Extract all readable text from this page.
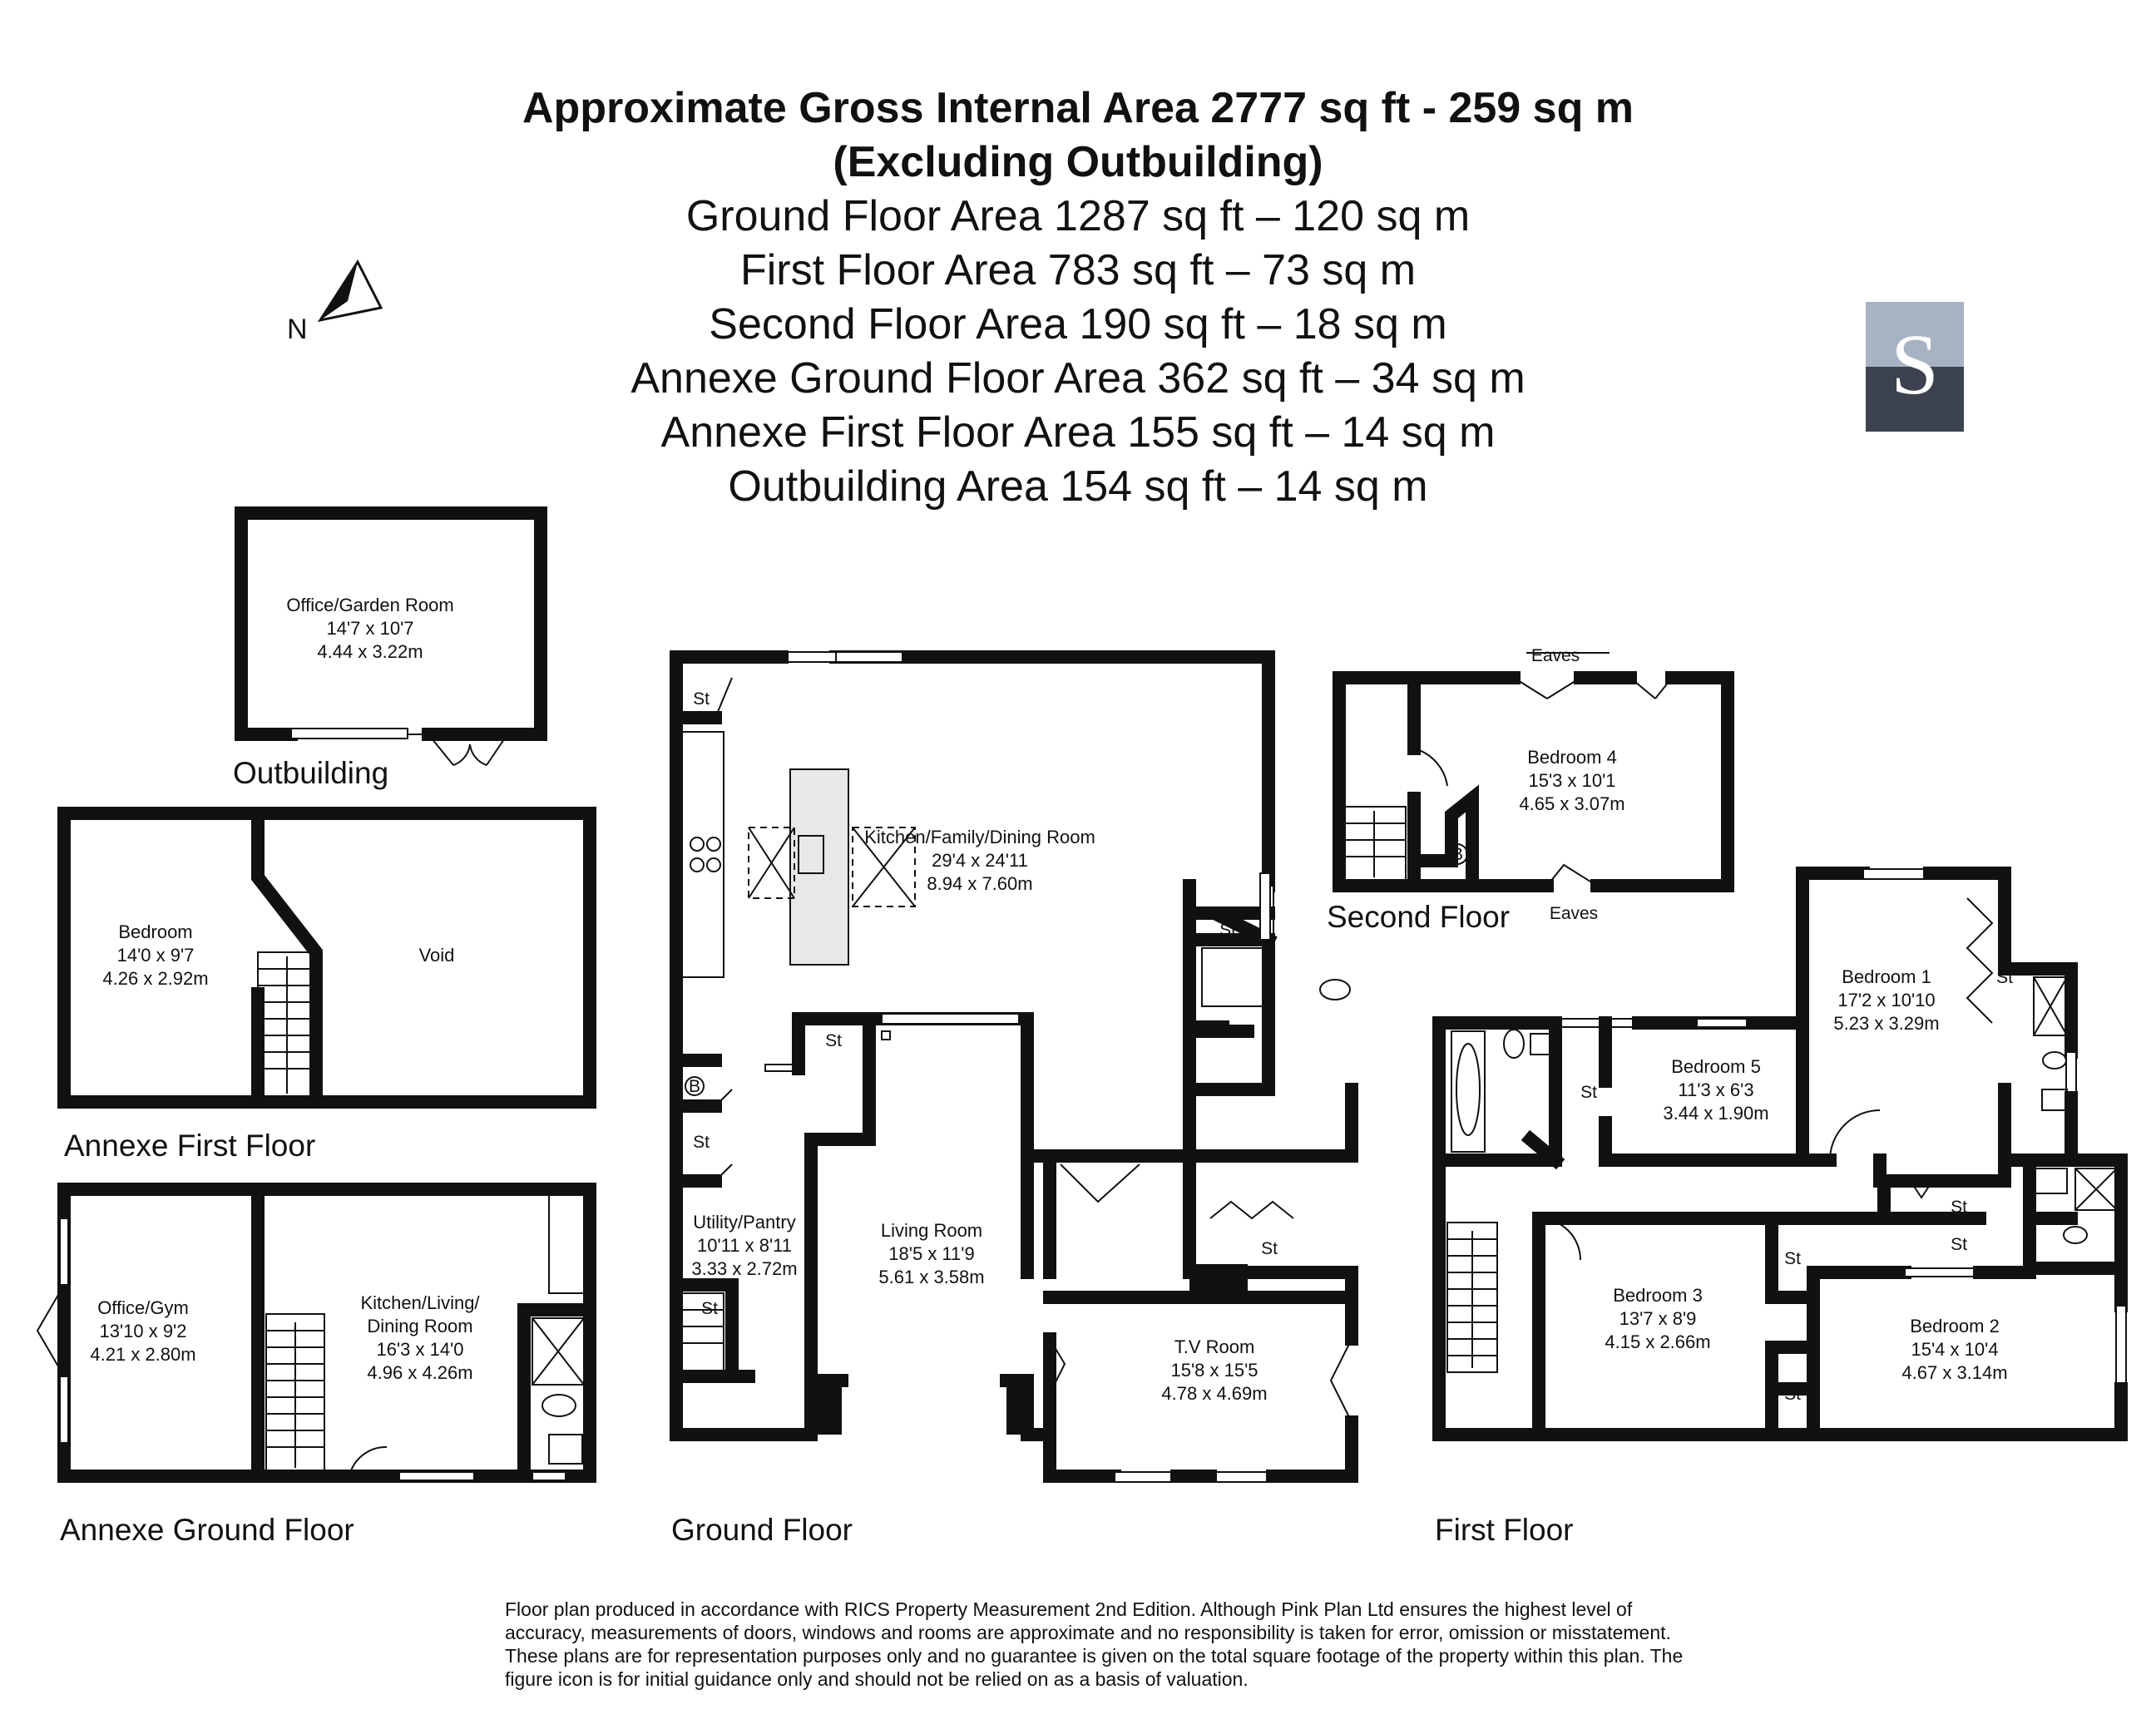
Approximate Gross Internal Area 2777 sq ft - 259 sq m
(Excluding Outbuilding)
Ground Floor Area 1287 sq ft – 120 sq m
First Floor Area 783 sq ft – 73 sq m
Second Floor Area 190 sq ft – 18 sq m
Annexe Ground Floor Area 362 sq ft – 34 sq m
Annexe First Floor Area 155 sq ft – 14 sq m
Outbuilding Area 154 sq ft – 14 sq m
S
N
Office/Garden Room
14'7 x 10'7
4.44 x 3.22m
Outbuilding
Bedroom
14'0 x 9'7
4.26 x 2.92m
Void
Annexe First Floor
Office/Gym
13'10 x 9'2
4.21 x 2.80m
Kitchen/Living/
Dining Room
16'3 x 14'0
4.96 x 4.26m
Annexe Ground Floor
B
St
St
St
St
St
St
Kitchen/Family/Dining Room
29'4 x 24'11
8.94 x 7.60m
Utility/Pantry
10'11 x 8'11
3.33 x 2.72m
Living Room
18'5 x 11'9
5.61 x 3.58m
T.V Room
15'8 x 15'5
4.78 x 4.69m
Ground Floor
B
Eaves
Eaves
Bedroom 4
15'3 x 10'1
4.65 x 3.07m
Second Floor
St
St
St
St
St
St
Bedroom 1
17'2 x 10'10
5.23 x 3.29m
Bedroom 5
11'3 x 6'3
3.44 x 1.90m
Bedroom 3
13'7 x 8'9
4.15 x 2.66m
Bedroom 2
15'4 x 10'4
4.67 x 3.14m
First Floor
Floor plan produced in accordance with RICS Property Measurement 2nd Edition. Although Pink Plan Ltd ensures the highest level of accuracy, measurements of doors, windows and rooms are approximate and no responsibility is taken for error, omission or misstatement. These plans are for representation purposes only and no guarantee is given on the total square footage of the property within this plan. The figure icon is for initial guidance only and should not be relied on as a basis of valuation.
